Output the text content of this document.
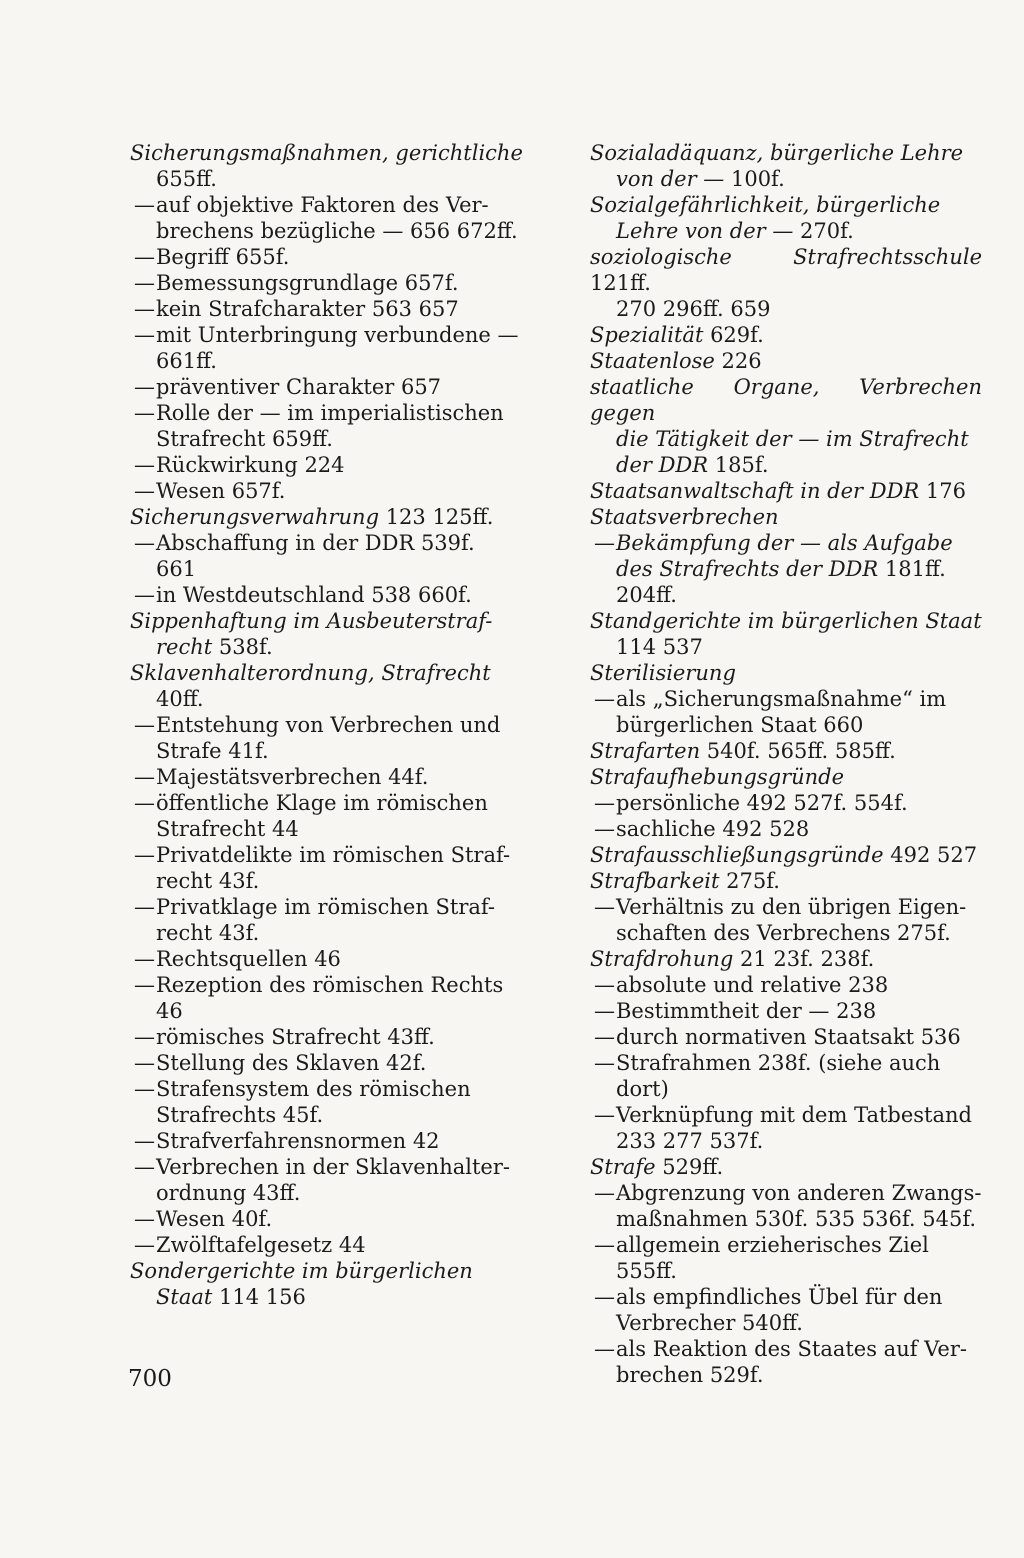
Sicherungsmaßnahmen, gerichtliche
655ff.
— auf objektive Faktoren des Ver-
brechens bezügliche — 656 672ff.
— Begriff 655f.
— Bemessungsgrundlage 657f.
— kein Strafcharakter 563 657
— mit Unterbringung verbundene —
661ff.
— präventiver Charakter 657
— Rolle der — im imperialistischen
Strafrecht 659ff.
— Rückwirkung 224
— Wesen 657f.
Sicherungsverwahrung 123 125ff.
— Abschaffung in der DDR 539f.
661
— in Westdeutschland 538 660f.
Sippenhaftung im Ausbeuterstraf-
recht 538f.
Sklavenhalterordnung, Strafrecht
40ff.
— Entstehung von Verbrechen und
Strafe 41f.
— Majestätsverbrechen 44f.
— öffentliche Klage im römischen
Strafrecht 44
— Privatdelikte im römischen Straf-
recht 43f.
— Privatklage im römischen Straf-
recht 43f.
— Rechtsquellen 46
— Rezeption des römischen Rechts
46
— römisches Strafrecht 43ff.
— Stellung des Sklaven 42f.
— Strafensystem des römischen
Strafrechts 45f.
— Strafverfahrensnormen 42
— Verbrechen in der Sklavenhalter-
ordnung 43ff.
— Wesen 40f.
— Zwölftafelgesetz 44
Sondergerichte im bürgerlichen
Staat 114 156
Sozialadäquanz, bürgerliche Lehre
von der — 100f.
Sozialgefährlichkeit, bürgerliche
Lehre von der — 270f.
soziologische Strafrechtsschule 121ff.
270 296ff. 659
Spezialität 629f.
Staatenlose 226
staatliche Organe, Verbrechen gegen
die Tätigkeit der — im Strafrecht
der DDR 185f.
Staatsanwaltschaft in der DDR 176
Staatsverbrechen
— Bekämpfung der — als Aufgabe
des Strafrechts der DDR 181ff.
204ff.
Standgerichte im bürgerlichen Staat
114 537
Sterilisierung
— als „Sicherungsmaßnahme“ im
bürgerlichen Staat 660
Strafarten 540f. 565ff. 585ff.
Strafaufhebungsgründe
— persönliche 492 527f. 554f.
— sachliche 492 528
Strafausschließungsgründe 492 527
Strafbarkeit 275f.
— Verhältnis zu den übrigen Eigen-
schaften des Verbrechens 275f.
Strafdrohung 21 23f. 238f.
— absolute und relative 238
— Bestimmtheit der — 238
— durch normativen Staatsakt 536
— Strafrahmen 238f. (siehe auch
dort)
— Verknüpfung mit dem Tatbestand
233 277 537f.
Strafe 529ff.
— Abgrenzung von anderen Zwangs-
maßnahmen 530f. 535 536f. 545f.
— allgemein erzieherisches Ziel
555ff.
— als empfindliches Übel für den
Verbrecher 540ff.
— als Reaktion des Staates auf Ver-
brechen 529f.
700
